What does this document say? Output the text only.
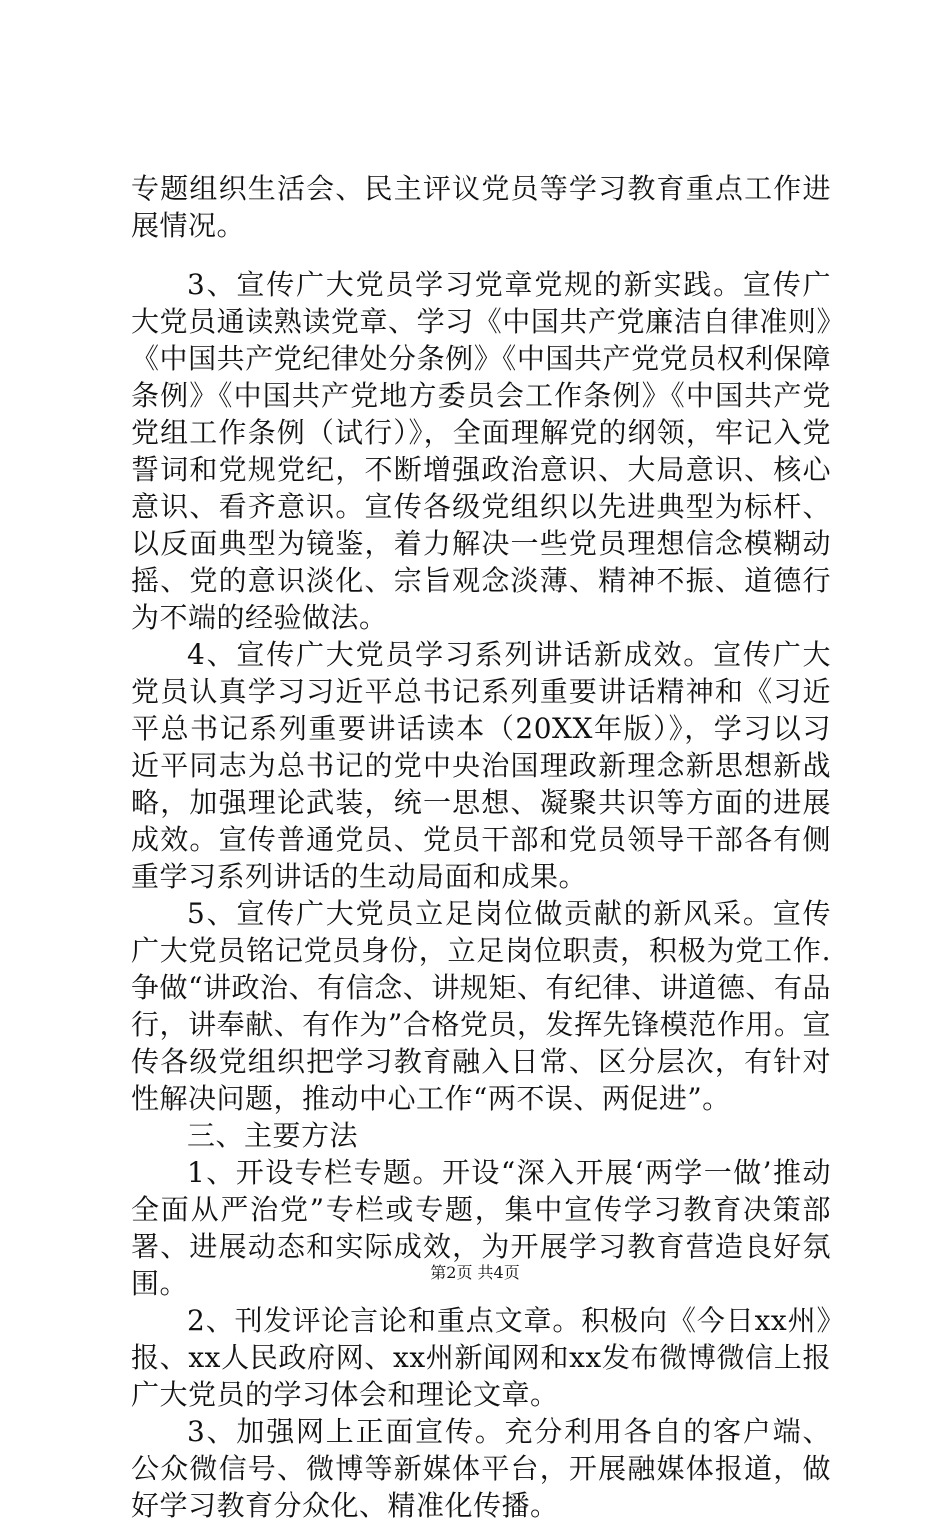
专题组织生活会、民主评议党员等学习教育重点工作进展情况。

3、宣传广大党员学习党章党规的新实践。宣传广大党员通读熟读党章、学习《中国共产党廉洁自律准则》《中国共产党纪律处分条例》《中国共产党党员权利保障条例》《中国共产党地方委员会工作条例》《中国共产党党组工作条例（试行）》，全面理解党的纲领，牢记入党誓词和党规党纪，不断增强政治意识、大局意识、核心意识、看齐意识。宣传各级党组织以先进典型为标杆、以反面典型为镜鉴，着力解决一些党员理想信念模糊动摇、党的意识淡化、宗旨观念淡薄、精神不振、道德行为不端的经验做法。

4、宣传广大党员学习系列讲话新成效。宣传广大党员认真学习习近平总书记系列重要讲话精神和《习近平总书记系列重要讲话读本（20XX年版）》，学习以习近平同志为总书记的党中央治国理政新理念新思想新战略，加强理论武装，统一思想、凝聚共识等方面的进展成效。宣传普通党员、党员干部和党员领导干部各有侧重学习系列讲话的生动局面和成果。

5、宣传广大党员立足岗位做贡献的新风采。宣传广大党员铭记党员身份，立足岗位职责，积极为党工作.争做“讲政治、有信念、讲规矩、有纪律、讲道德、有品行，讲奉献、有作为”合格党员，发挥先锋模范作用。宣传各级党组织把学习教育融入日常、区分层次，有针对性解决问题，推动中心工作“两不误、两促进”。

三、主要方法

1、开设专栏专题。开设“深入开展‘两学一做’推动全面从严治党”专栏或专题，集中宣传学习教育决策部署、进展动态和实际成效，为开展学习教育营造良好氛围。

2、刊发评论言论和重点文章。积极向《今日xx州》报、xx人民政府网、xx州新闻网和xx发布微博微信上报广大党员的学习体会和理论文章。

3、加强网上正面宣传。充分利用各自的客户端、公众微信号、微博等新媒体平台，开展融媒体报道，做好学习教育分众化、精准化传播。

第2页 共4页
